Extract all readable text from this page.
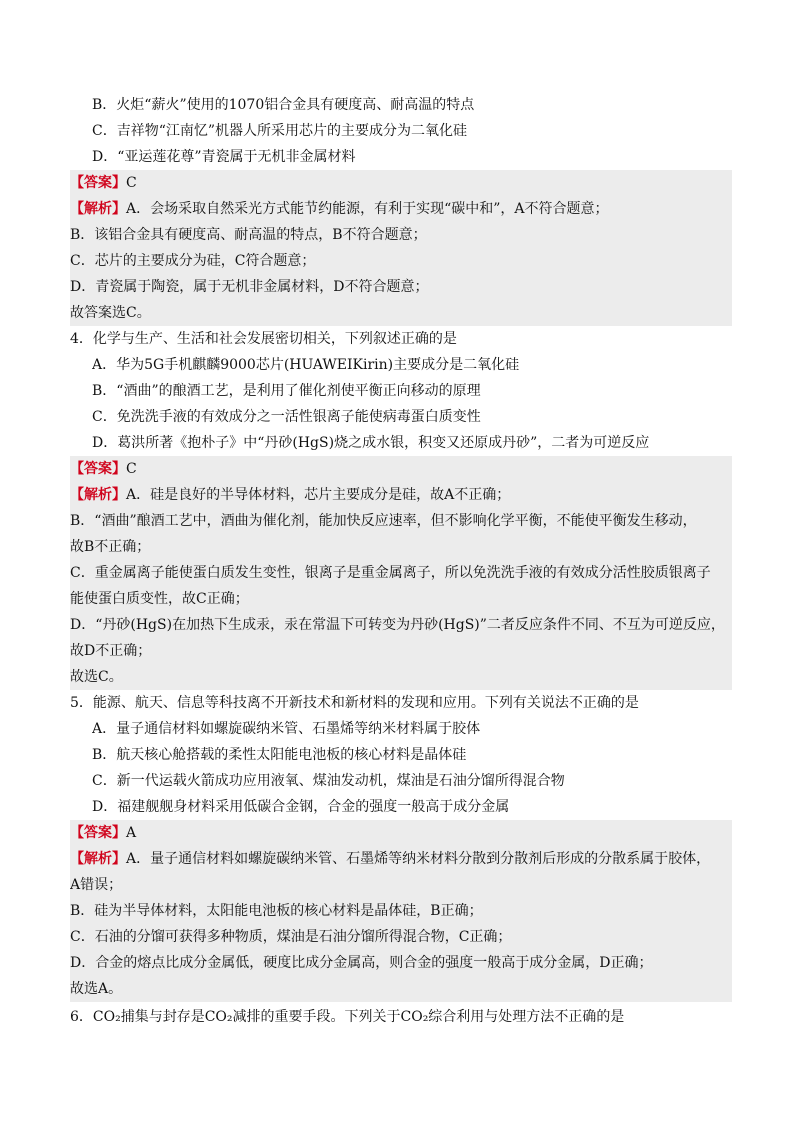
B．火炬“薪火”使用的1070铝合金具有硬度高、耐高温的特点
C．吉祥物“江南忆”机器人所采用芯片的主要成分为二氧化硅
D．“亚运莲花尊”青瓷属于无机非金属材料
【答案】C
【解析】A．会场采取自然采光方式能节约能源，有利于实现“碳中和”，A不符合题意；
B．该铝合金具有硬度高、耐高温的特点，B不符合题意；
C．芯片的主要成分为硅，C符合题意；
D．青瓷属于陶瓷，属于无机非金属材料，D不符合题意；
故答案选C。
4．化学与生产、生活和社会发展密切相关，下列叙述正确的是
A．华为5G手机麒麟9000芯片(HUAWEIKirin)主要成分是二氧化硅
B．“酒曲”的酿酒工艺，是利用了催化剂使平衡正向移动的原理
C．免洗洗手液的有效成分之一活性银离子能使病毒蛋白质变性
D．葛洪所著《抱朴子》中“丹砂(HgS)烧之成水银，积变又还原成丹砂”，二者为可逆反应
【答案】C
【解析】A．硅是良好的半导体材料，芯片主要成分是硅，故A不正确；
B．“酒曲”酿酒工艺中，酒曲为催化剂，能加快反应速率，但不影响化学平衡，不能使平衡发生移动，
故B不正确；
C．重金属离子能使蛋白质发生变性，银离子是重金属离子，所以免洗洗手液的有效成分活性胶质银离子
能使蛋白质变性，故C正确；
D．“丹砂(HgS)在加热下生成汞，汞在常温下可转变为丹砂(HgS)”二者反应条件不同、不互为可逆反应，
故D不正确；
故选C。
5．能源、航天、信息等科技离不开新技术和新材料的发现和应用。下列有关说法· · · 不正确的是
A．量子通信材料如螺旋碳纳米管、石墨烯等纳米材料属于胶体
B．航天核心舱搭载的柔性太阳能电池板的核心材料是晶体硅
C．新一代运载火箭成功应用液氧、煤油发动机，煤油是石油分馏所得混合物
D．福建舰舰身材料采用低碳合金钢，合金的强度一般高于成分金属
【答案】A
【解析】A．量子通信材料如螺旋碳纳米管、石墨烯等纳米材料分散到分散剂后形成的分散系属于胶体，
A错误；
B．硅为半导体材料，太阳能电池板的核心材料是晶体硅，B正确；
C．石油的分馏可获得多种物质，煤油是石油分馏所得混合物，C正确；
D．合金的熔点比成分金属低，硬度比成分金属高，则合金的强度一般高于成分金属，D正确；
故选A。
6．CO₂捕集与封存是CO₂减排的重要手段。下列关于CO₂综合利用与处理方法· · · 不正确的是
